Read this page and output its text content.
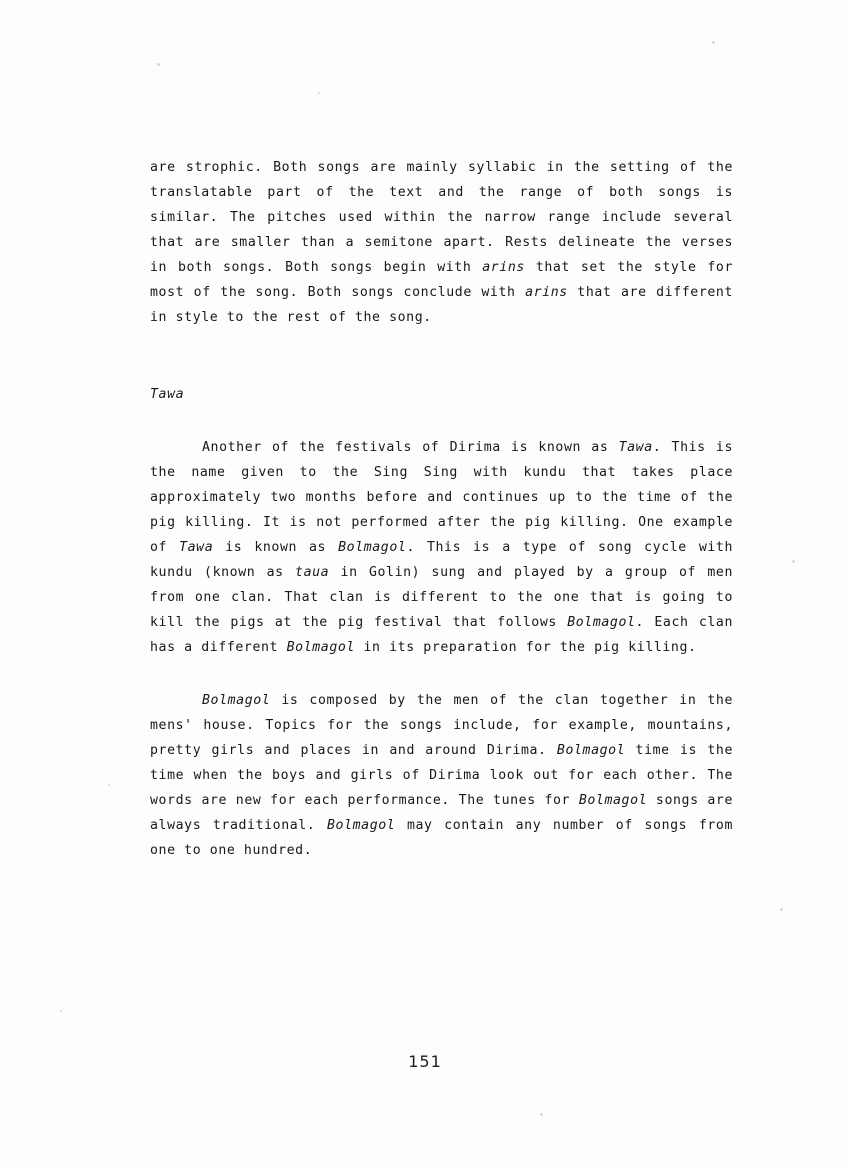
are strophic. Both songs are mainly syllabic in the setting of the translatable part of the text and the range of both songs is similar. The pitches used within the narrow range include several that are smaller than a semitone apart. Rests delineate the verses in both songs. Both songs begin with arins that set the style for most of the song. Both songs conclude with arins that are different in style to the rest of the song.

Tawa

Another of the festivals of Dirima is known as Tawa. This is the name given to the Sing Sing with kundu that takes place approximately two months before and continues up to the time of the pig killing. It is not performed after the pig killing. One example of Tawa is known as Bolmagol. This is a type of song cycle with kundu (known as taua in Golin) sung and played by a group of men from one clan. That clan is different to the one that is going to kill the pigs at the pig festival that follows Bolmagol. Each clan has a different Bolmagol in its preparation for the pig killing.

Bolmagol is composed by the men of the clan together in the mens' house. Topics for the songs include, for example, mountains, pretty girls and places in and around Dirima. Bolmagol time is the time when the boys and girls of Dirima look out for each other. The words are new for each performance. The tunes for Bolmagol songs are always traditional. Bolmagol may contain any number of songs from one to one hundred.

151
